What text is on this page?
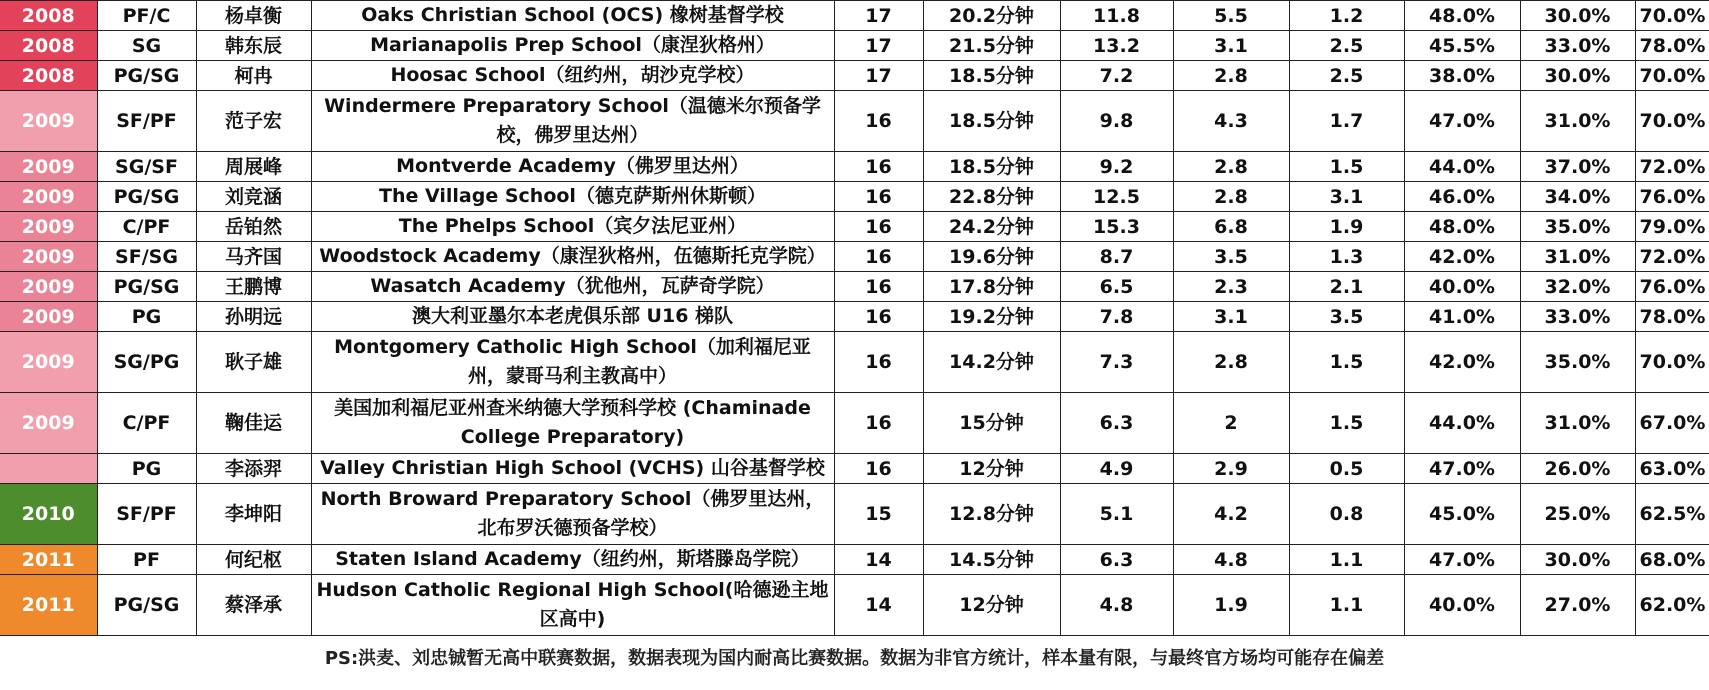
2008	PF/C	杨卓衡	Oaks Christian School (OCS) 橡树基督学校	17	20.2分钟	11.8	5.5	1.2	48.0%	30.0%	70.0%
2008	SG	韩东辰	Marianapolis Prep School（康涅狄格州）	17	21.5分钟	13.2	3.1	2.5	45.5%	33.0%	78.0%
2008	PG/SG	柯冉	Hoosac School（纽约州，胡沙克学校）	17	18.5分钟	7.2	2.8	2.5	38.0%	30.0%	70.0%
2009	SF/PF	范子宏	Windermere Preparatory School（温德米尔预备学校，佛罗里达州）	16	18.5分钟	9.8	4.3	1.7	47.0%	31.0%	70.0%
2009	SG/SF	周展峰	Montverde Academy（佛罗里达州）	16	18.5分钟	9.2	2.8	1.5	44.0%	37.0%	72.0%
2009	PG/SG	刘竞涵	The Village School（德克萨斯州休斯顿）	16	22.8分钟	12.5	2.8	3.1	46.0%	34.0%	76.0%
2009	C/PF	岳铂然	The Phelps School（宾夕法尼亚州）	16	24.2分钟	15.3	6.8	1.9	48.0%	35.0%	79.0%
2009	SF/SG	马齐国	Woodstock Academy（康涅狄格州，伍德斯托克学院）	16	19.6分钟	8.7	3.5	1.3	42.0%	31.0%	72.0%
2009	PG/SG	王鹏博	Wasatch Academy（犹他州，瓦萨奇学院）	16	17.8分钟	6.5	2.3	2.1	40.0%	32.0%	76.0%
2009	PG	孙明远	澳大利亚墨尔本老虎俱乐部 U16 梯队	16	19.2分钟	7.8	3.1	3.5	41.0%	33.0%	78.0%
2009	SG/PG	耿子雄	Montgomery Catholic High School（加利福尼亚州，蒙哥马利主教高中）	16	14.2分钟	7.3	2.8	1.5	42.0%	35.0%	70.0%
2009	C/PF	鞠佳运	美国加利福尼亚州查米纳德大学预科学校 (Chaminade College Preparatory)	16	15分钟	6.3	2	1.5	44.0%	31.0%	67.0%
	PG	李添羿	Valley Christian High School (VCHS) 山谷基督学校	16	12分钟	4.9	2.9	0.5	47.0%	26.0%	63.0%
2010	SF/PF	李坤阳	North Broward Preparatory School（佛罗里达州，北布罗沃德预备学校）	15	12.8分钟	5.1	4.2	0.8	45.0%	25.0%	62.5%
2011	PF	何纪枢	Staten Island Academy（纽约州，斯塔滕岛学院）	14	14.5分钟	6.3	4.8	1.1	47.0%	30.0%	68.0%
2011	PG/SG	蔡泽承	Hudson Catholic Regional High School(哈德逊主地区高中)	14	12分钟	4.8	1.9	1.1	40.0%	27.0%	62.0%
PS:洪麦、刘忠铖暂无高中联赛数据，数据表现为国内耐高比赛数据。数据为非官方统计，样本量有限，与最终官方场均可能存在偏差
